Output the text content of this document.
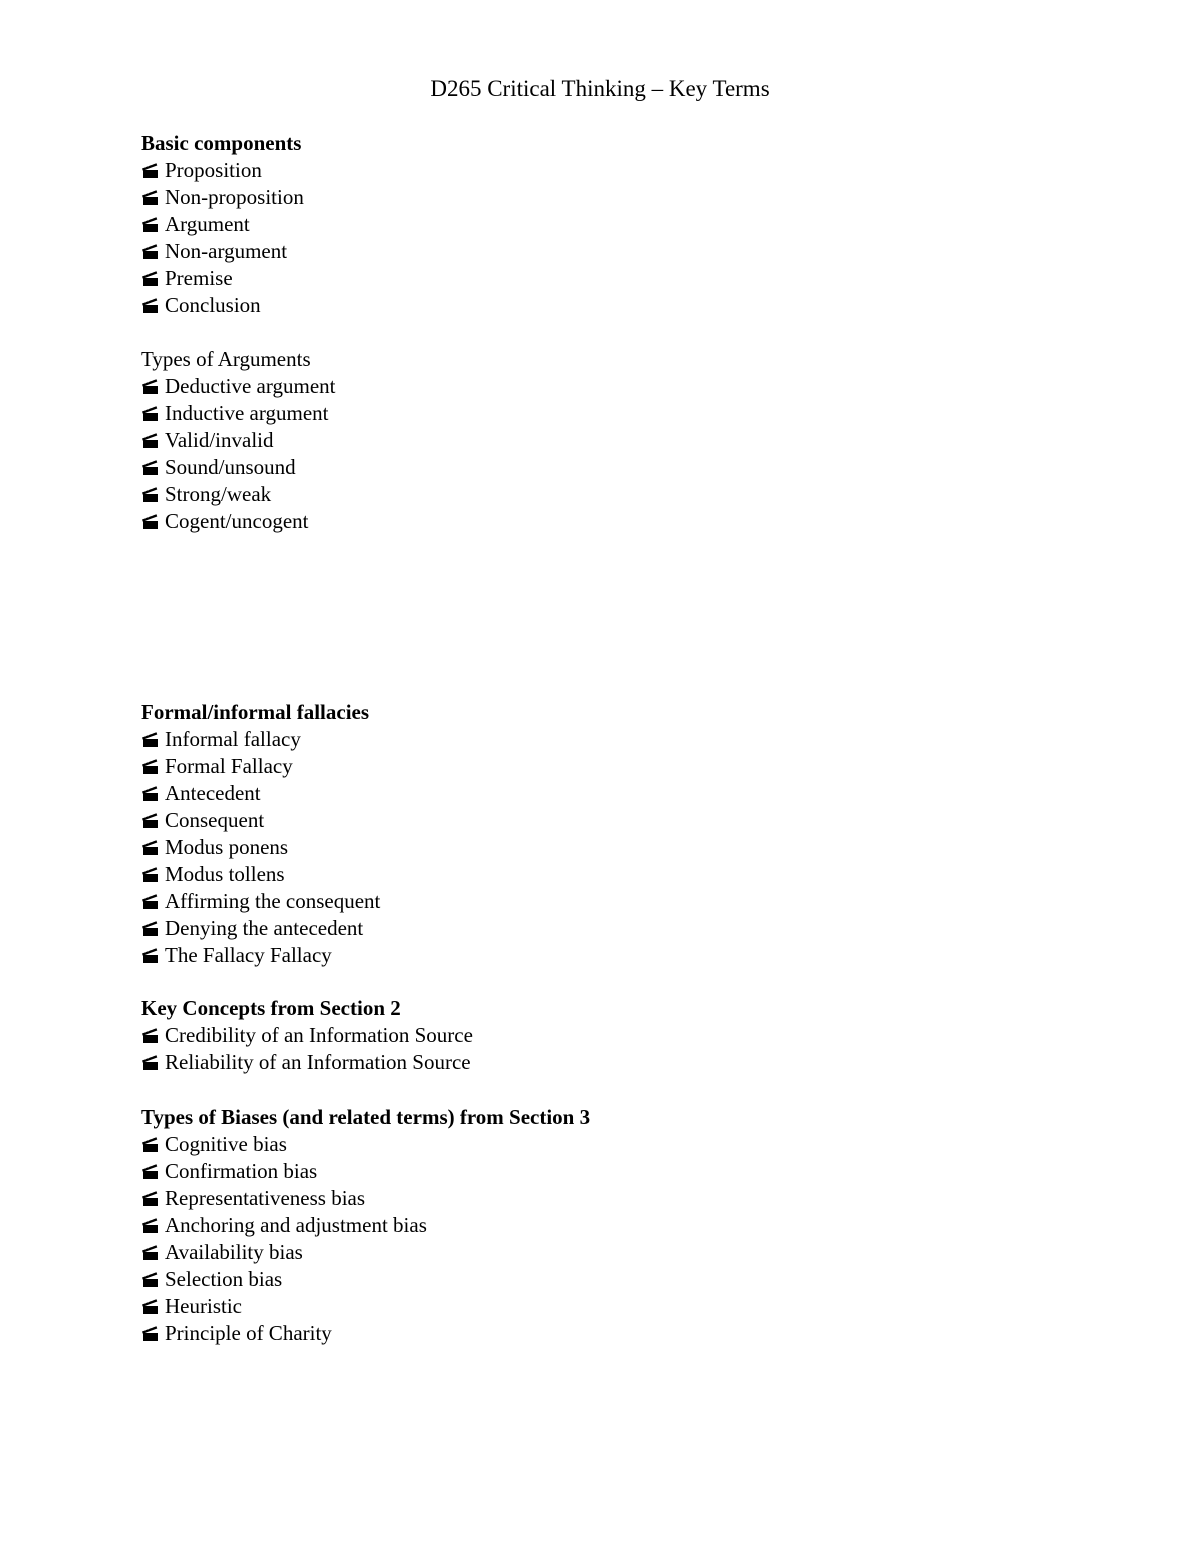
D265 Critical Thinking – Key Terms
Basic components
Proposition
Non-proposition
Argument
Non-argument
Premise
Conclusion
Types of Arguments
Deductive argument
Inductive argument
Valid/invalid
Sound/unsound
Strong/weak
Cogent/uncogent
Formal/informal fallacies
Informal fallacy
Formal Fallacy
Antecedent
Consequent
Modus ponens
Modus tollens
Affirming the consequent
Denying the antecedent
The Fallacy Fallacy
Key Concepts from Section 2
Credibility of an Information Source
Reliability of an Information Source
Types of Biases (and related terms) from Section 3
Cognitive bias
Confirmation bias
Representativeness bias
Anchoring and adjustment bias
Availability bias
Selection bias
Heuristic
Principle of Charity
